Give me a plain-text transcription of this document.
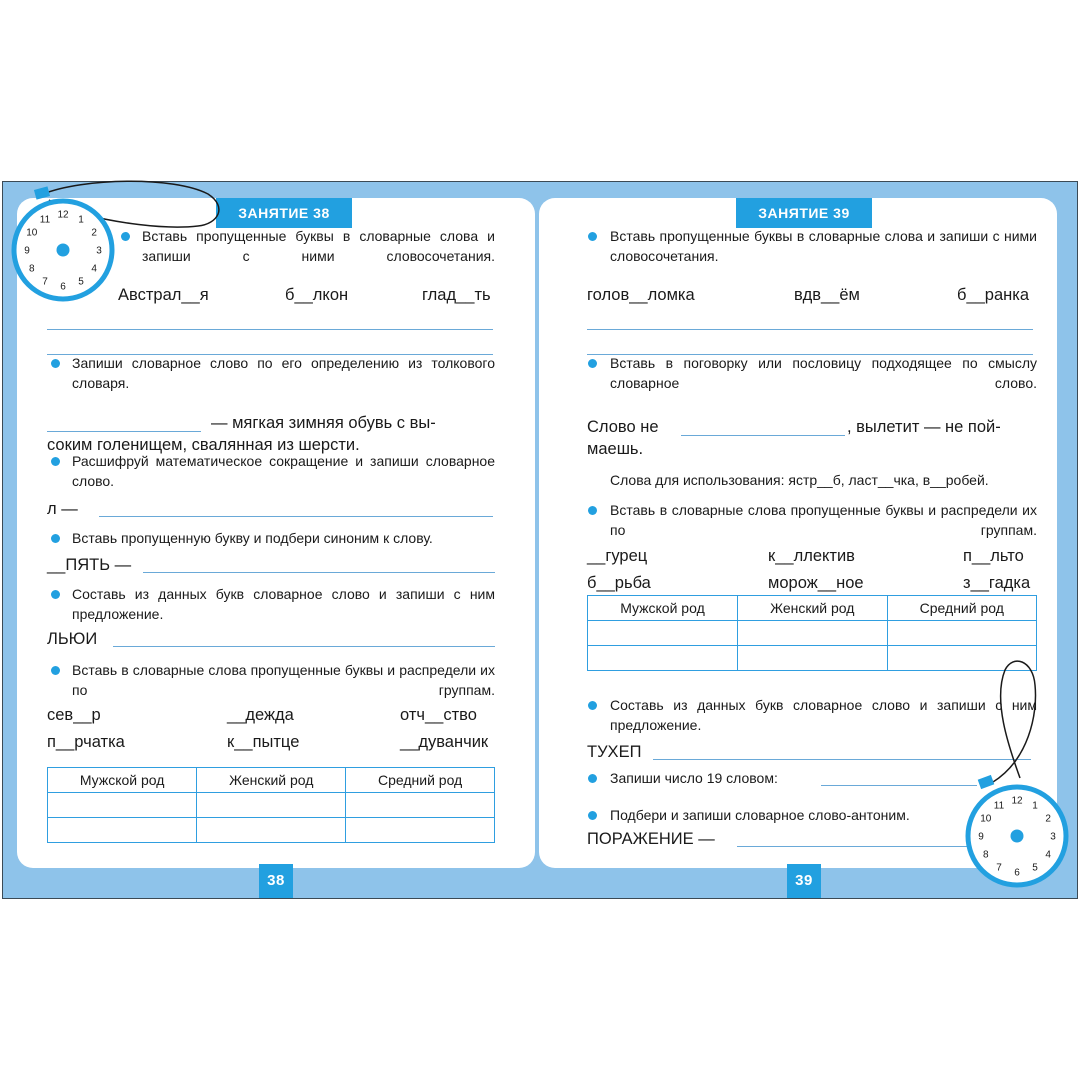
ЗАНЯТИЕ 38
Вставь пропущенные буквы в словарные слова и запиши с ними словосочетания.
Австрал__я	б__лкон	глад__ть
Запиши словарное слово по его определению из толкового словаря.
— мягкая зимняя обувь с вы-
соким голенищем, свалянная из шерсти.
Расшифруй математическое сокращение и запиши словарное слово.
л —
Вставь пропущенную букву и подбери синоним к слову.
__ПЯТЬ —
Составь из данных букв словарное слово и запиши с ним предложение.
ЛЬЮИ
Вставь в словарные слова пропущенные буквы и распредели их по группам.
сев__р	__дежда	отч__ство
п__рчатка	к__пытце	__дуванчик
Мужской род	Женский род	Средний род

ЗАНЯТИЕ 39
Вставь пропущенные буквы в словарные слова и запиши с ними словосочетания.
голов__ломка	вдв__ём	б__ранка
Вставь в поговорку или пословицу подходящее по смыслу словарное слово.
Слово не	, вылетит — не пой-
маешь.
Слова для использования: ястр__б, ласт__чка, в__робей.
Вставь в словарные слова пропущенные буквы и распредели их по группам.
__гурец	к__ллектив	п__льто
б__рьба	морож__ное	з__гадка
Мужской род	Женский род	Средний род

Составь из данных букв словарное слово и запиши с ним предложение.
ТУХЕП
Запиши число 19 словом:
Подбери и запиши словарное слово-антоним.
ПОРАЖЕНИЕ —
38	39
12 1
2
3
4
5
6
7
8
9
10
11
12 1
2
3
4
5
6
7
8
9
10
11
